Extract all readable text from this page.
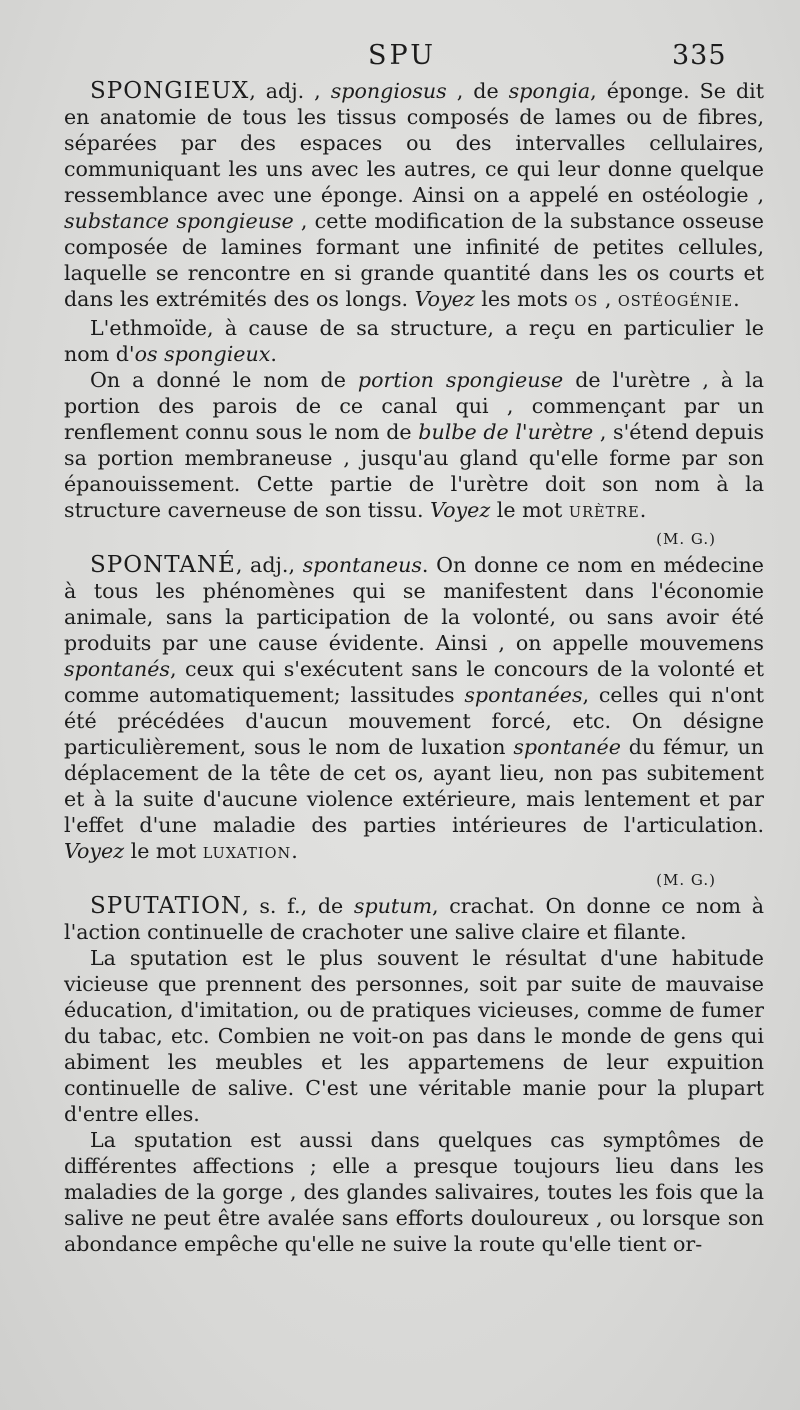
SPU	335

SPONGIEUX, adj. , spongiosus , de spongia, éponge. Se dit en anatomie de tous les tissus composés de lames ou de fibres, séparées par des espaces ou des intervalles cellulaires, communiquant les uns avec les autres, ce qui leur donne quelque ressemblance avec une éponge. Ainsi on a appelé en ostéologie , substance spongieuse , cette modification de la substance osseuse composée de lamines formant une infinité de petites cellules, laquelle se rencontre en si grande quantité dans les os courts et dans les extrémités des os longs. Voyez les mots OS , OSTÉOGÉNIE.

L'ethmoïde, à cause de sa structure, a reçu en particulier le nom d'os spongieux.

On a donné le nom de portion spongieuse de l'urètre , à la portion des parois de ce canal qui , commençant par un renflement connu sous le nom de bulbe de l'urètre , s'étend depuis sa portion membraneuse , jusqu'au gland qu'elle forme par son épanouissement. Cette partie de l'urètre doit son nom à la structure caverneuse de son tissu. Voyez le mot URÈTRE.

(M. G.)

SPONTANÉ, adj., spontaneus. On donne ce nom en médecine à tous les phénomènes qui se manifestent dans l'économie animale, sans la participation de la volonté, ou sans avoir été produits par une cause évidente. Ainsi , on appelle mouvemens spontanés, ceux qui s'exécutent sans le concours de la volonté et comme automatiquement; lassitudes spontanées, celles qui n'ont été précédées d'aucun mouvement forcé, etc. On désigne particulièrement, sous le nom de luxation spontanée du fémur, un déplacement de la tête de cet os, ayant lieu, non pas subitement et à la suite d'aucune violence extérieure, mais lentement et par l'effet d'une maladie des parties intérieures de l'articulation. Voyez le mot LUXATION.

(M. G.)

SPUTATION, s. f., de sputum, crachat. On donne ce nom à l'action continuelle de crachoter une salive claire et filante.

La sputation est le plus souvent le résultat d'une habitude vicieuse que prennent des personnes, soit par suite de mauvaise éducation, d'imitation, ou de pratiques vicieuses, comme de fumer du tabac, etc. Combien ne voit-on pas dans le monde de gens qui abiment les meubles et les appartemens de leur expuition continuelle de salive. C'est une véritable manie pour la plupart d'entre elles.

La sputation est aussi dans quelques cas symptômes de différentes affections ; elle a presque toujours lieu dans les maladies de la gorge , des glandes salivaires, toutes les fois que la salive ne peut être avalée sans efforts douloureux , ou lorsque son abondance empêche qu'elle ne suive la route qu'elle tient or-
